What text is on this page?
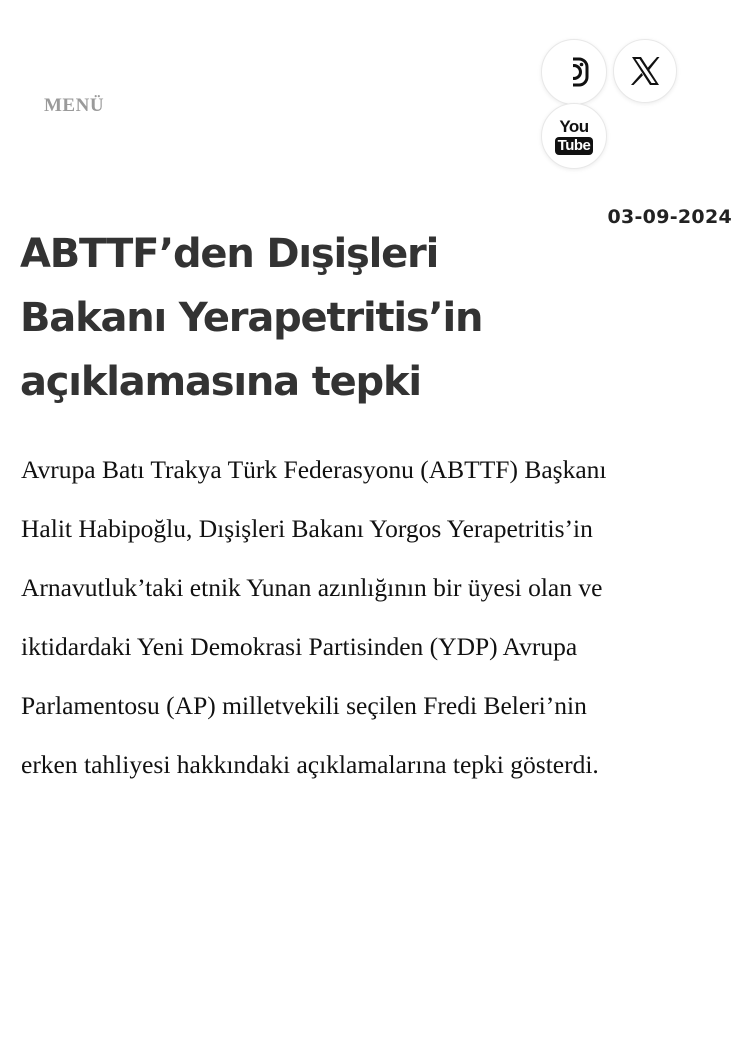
MENÜ
You
Tube
03-09-2024
ABTTF’den Dışişleri
Bakanı Yerapetritis’in
açıklamasına tepki

Avrupa Batı Trakya Türk Federasyonu (ABTTF) Başkanı
Halit Habipoğlu, Dışişleri Bakanı Yorgos Yerapetritis’in
Arnavutluk’taki etnik Yunan azınlığının bir üyesi olan ve
iktidardaki Yeni Demokrasi Partisinden (YDP) Avrupa
Parlamentosu (AP) milletvekili seçilen Fredi Beleri’nin
erken tahliyesi hakkındaki açıklamalarına tepki gösterdi.
